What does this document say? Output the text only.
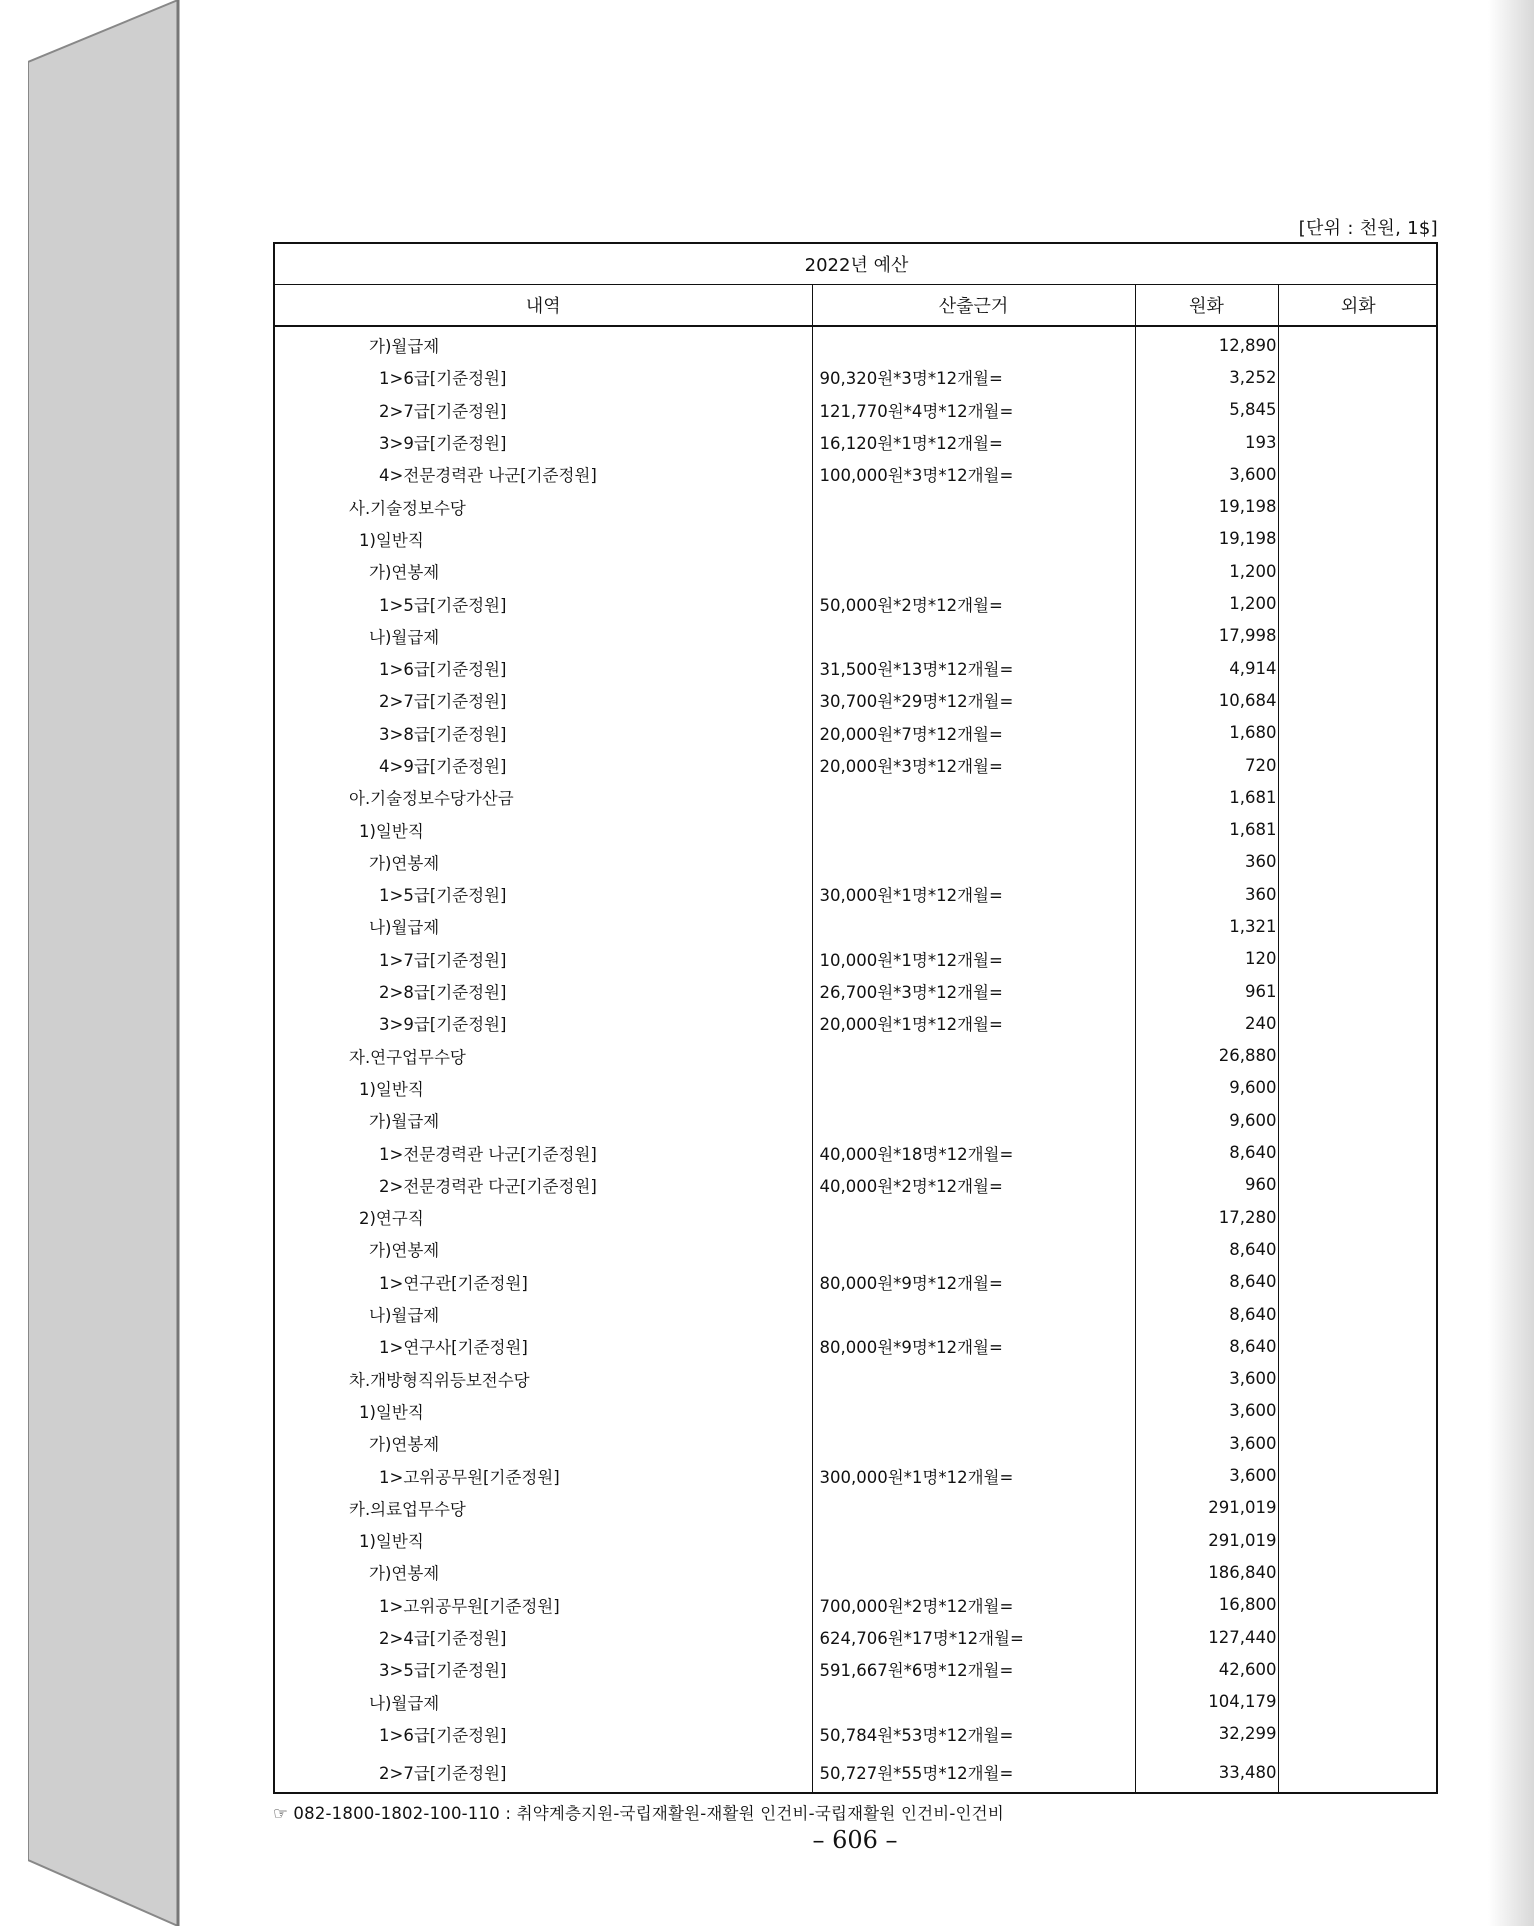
[단위 : 천원, 1$]
2022년 예산			
내역	산출근거	원화	외화
가)월급제		12,890	
1>6급[기준정원]	90,320원*3명*12개월=	3,252	
2>7급[기준정원]	121,770원*4명*12개월=	5,845	
3>9급[기준정원]	16,120원*1명*12개월=	193	
4>전문경력관 나군[기준정원]	100,000원*3명*12개월=	3,600	
사.기술정보수당		19,198	
1)일반직		19,198	
가)연봉제		1,200	
1>5급[기준정원]	50,000원*2명*12개월=	1,200	
나)월급제		17,998	
1>6급[기준정원]	31,500원*13명*12개월=	4,914	
2>7급[기준정원]	30,700원*29명*12개월=	10,684	
3>8급[기준정원]	20,000원*7명*12개월=	1,680	
4>9급[기준정원]	20,000원*3명*12개월=	720	
아.기술정보수당가산금		1,681	
1)일반직		1,681	
가)연봉제		360	
1>5급[기준정원]	30,000원*1명*12개월=	360	
나)월급제		1,321	
1>7급[기준정원]	10,000원*1명*12개월=	120	
2>8급[기준정원]	26,700원*3명*12개월=	961	
3>9급[기준정원]	20,000원*1명*12개월=	240	
자.연구업무수당		26,880	
1)일반직		9,600	
가)월급제		9,600	
1>전문경력관 나군[기준정원]	40,000원*18명*12개월=	8,640	
2>전문경력관 다군[기준정원]	40,000원*2명*12개월=	960	
2)연구직		17,280	
가)연봉제		8,640	
1>연구관[기준정원]	80,000원*9명*12개월=	8,640	
나)월급제		8,640	
1>연구사[기준정원]	80,000원*9명*12개월=	8,640	
차.개방형직위등보전수당		3,600	
1)일반직		3,600	
가)연봉제		3,600	
1>고위공무원[기준정원]	300,000원*1명*12개월=	3,600	
카.의료업무수당		291,019	
1)일반직		291,019	
가)연봉제		186,840	
1>고위공무원[기준정원]	700,000원*2명*12개월=	16,800	
2>4급[기준정원]	624,706원*17명*12개월=	127,440	
3>5급[기준정원]	591,667원*6명*12개월=	42,600	
나)월급제		104,179	
1>6급[기준정원]	50,784원*53명*12개월=	32,299	
2>7급[기준정원]	50,727원*55명*12개월=	33,480	
☞ 082-1800-1802-100-110 : 취약계층지원-국립재활원-재활원 인건비-국립재활원 인건비-인건비
– 606 –
